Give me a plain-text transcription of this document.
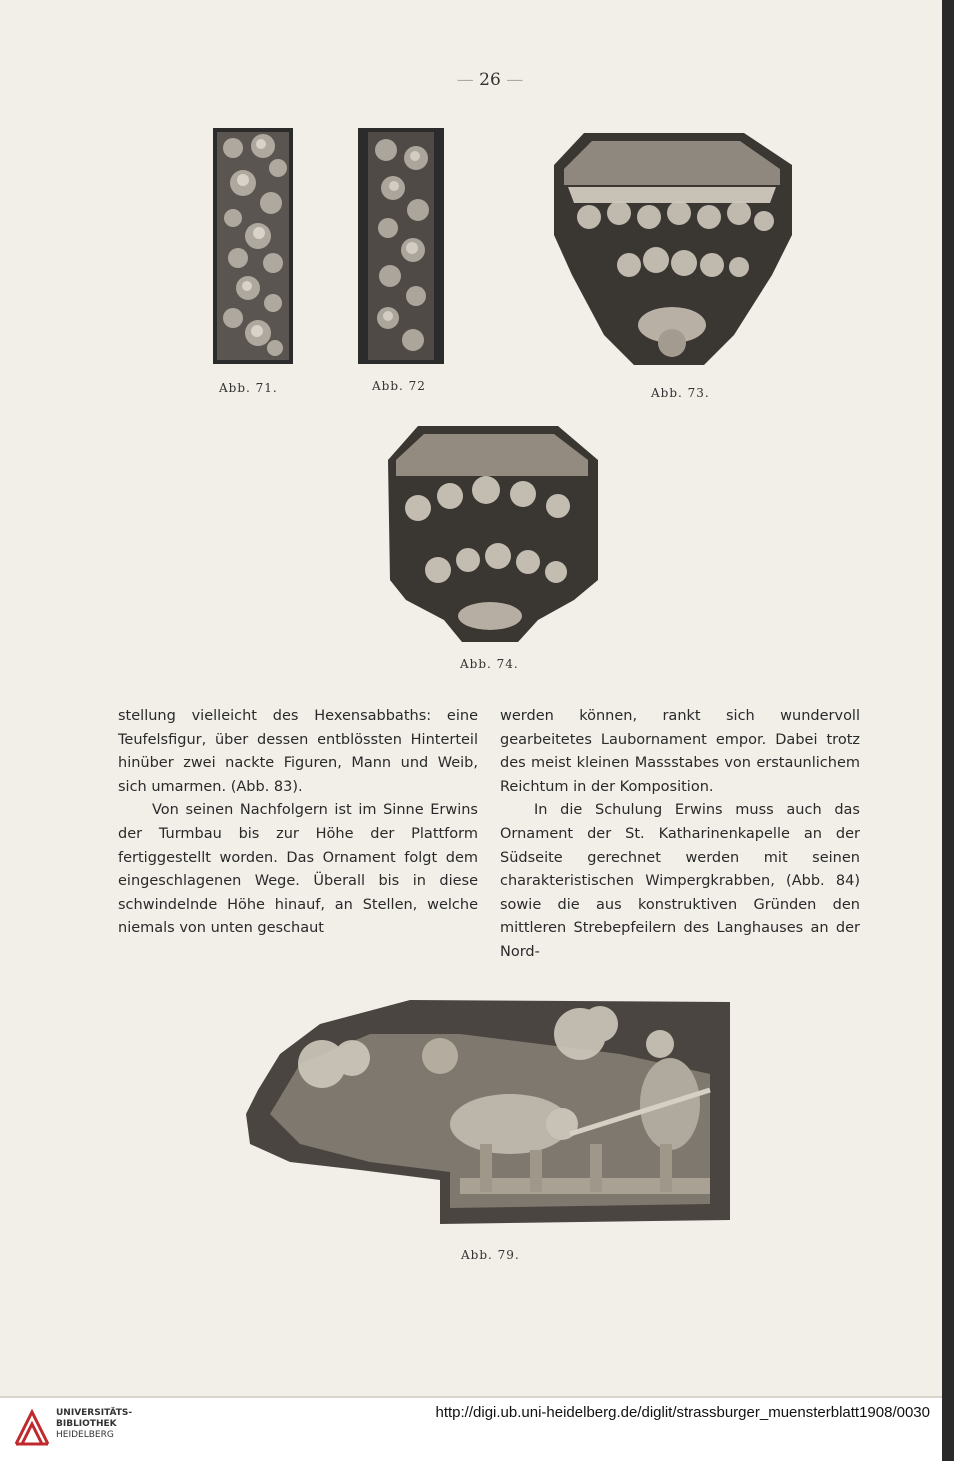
— 26 —
Abb. 71.	Abb. 72	Abb. 73.
Abb. 74.

stellung vielleicht des Hexensabbaths: eine Teufelsfigur, über dessen entblössten Hinterteil hinüber zwei nackte Figuren, Mann und Weib, sich umarmen. (Abb. 83).

Von seinen Nachfolgern ist im Sinne Erwins der Turmbau bis zur Höhe der Plattform fertiggestellt worden. Das Ornament folgt dem eingeschlagenen Wege. Überall bis in diese schwindelnde Höhe hinauf, an Stellen, welche niemals von unten geschaut

werden können, rankt sich wundervoll gearbeitetes Laubornament empor. Dabei trotz des meist kleinen Massstabes von erstaunlichem Reichtum in der Komposition.

In die Schulung Erwins muss auch das Ornament der St. Katharinenkapelle an der Südseite gerechnet werden mit seinen charakteristischen Wimpergkrabben, (Abb. 84) sowie die aus konstruktiven Gründen den mittleren Strebepfeilern des Langhauses an der Nord-

Abb. 79.
UNIVERSITÄTS-
BIBLIOTHEK
HEIDELBERG
http://digi.ub.uni-heidelberg.de/diglit/strassburger_muensterblatt1908/0030
